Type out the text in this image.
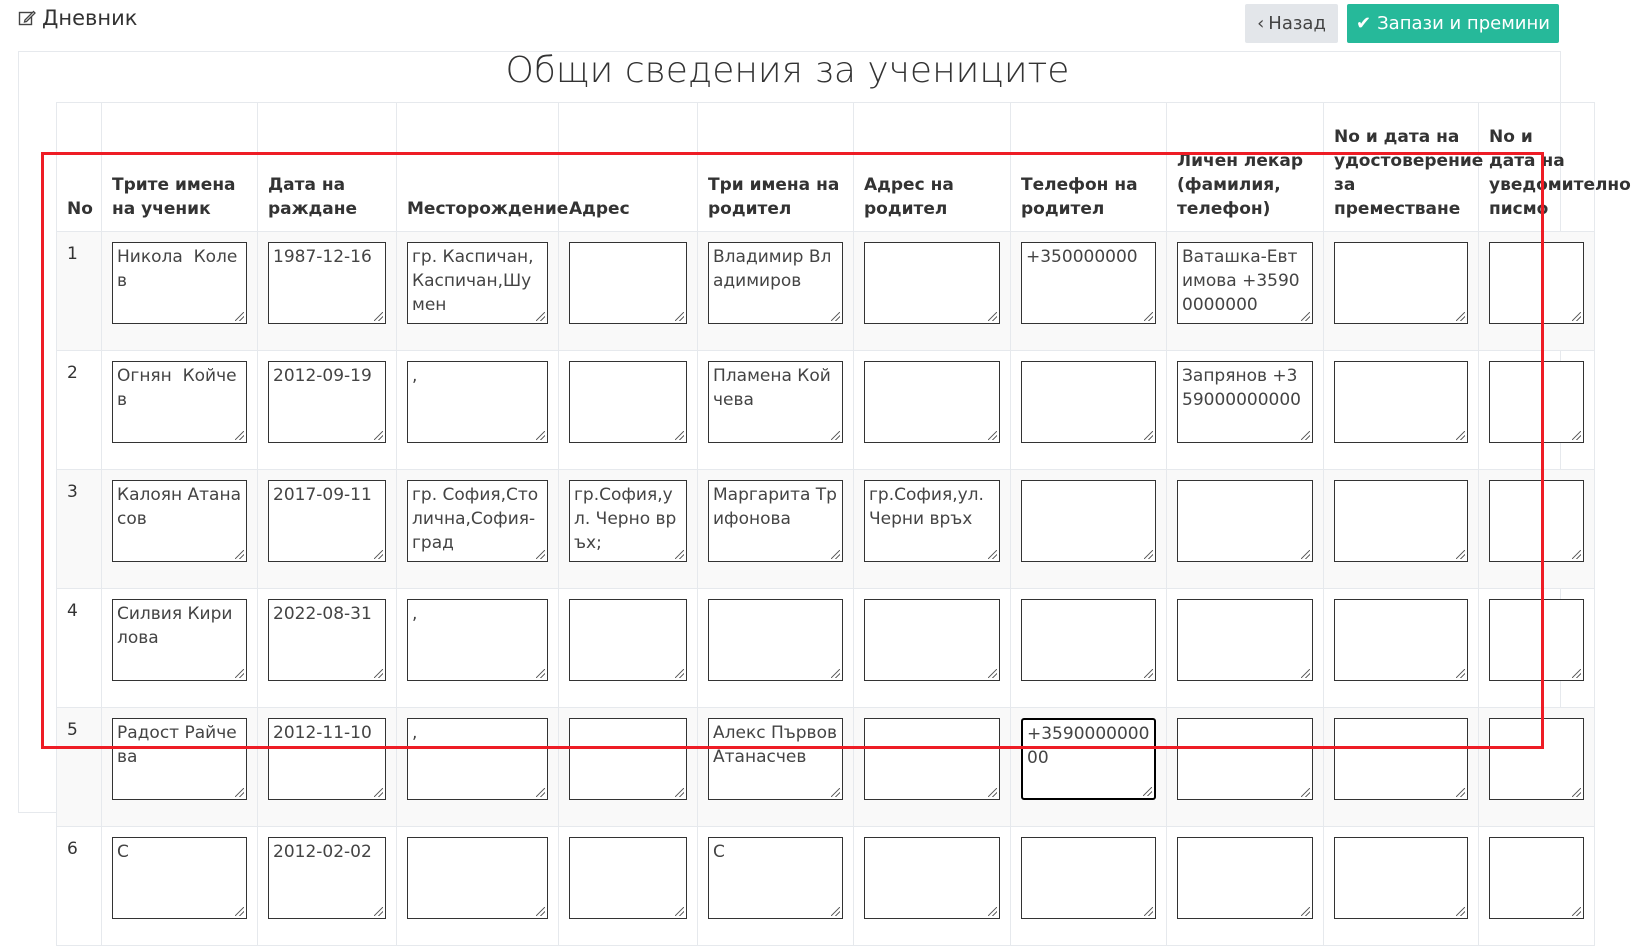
Дневник	‹ Назад ✔ Запази и премини
Общи сведения за учениците
No	Трите имена на ученик	Дата на раждане	Месторождение	Адрес	Три имена на родител	Адрес на родител	Телефон на родител	Личен лекар (фамилия, телефон)	No и дата на удостоверение за преместване	No и дата на уведомително писмо
1	Никола  Колев	1987-12-16	гр. Каспичан,Каспичан,Шумен		Владимир Владимиров		+350000000	Ваташка-Евтимова +35900000000		

2	Огнян  Койчев	2012-09-19	,		Пламена Койчева			Запрянов +359000000000		

3	Калоян Атанасов	2017-09-11	гр. София,Столична,София-град	гр.София,ул. Черно връх;	Маргарита Трифонова	гр.София,ул. Черни връх				

4	Силвия Кирилова	2022-08-31	,							

5	Радост Райчева	2012-11-10	,		Алекс Първов Атанасчев		+359000000000			

6	С	2012-02-02			С					
